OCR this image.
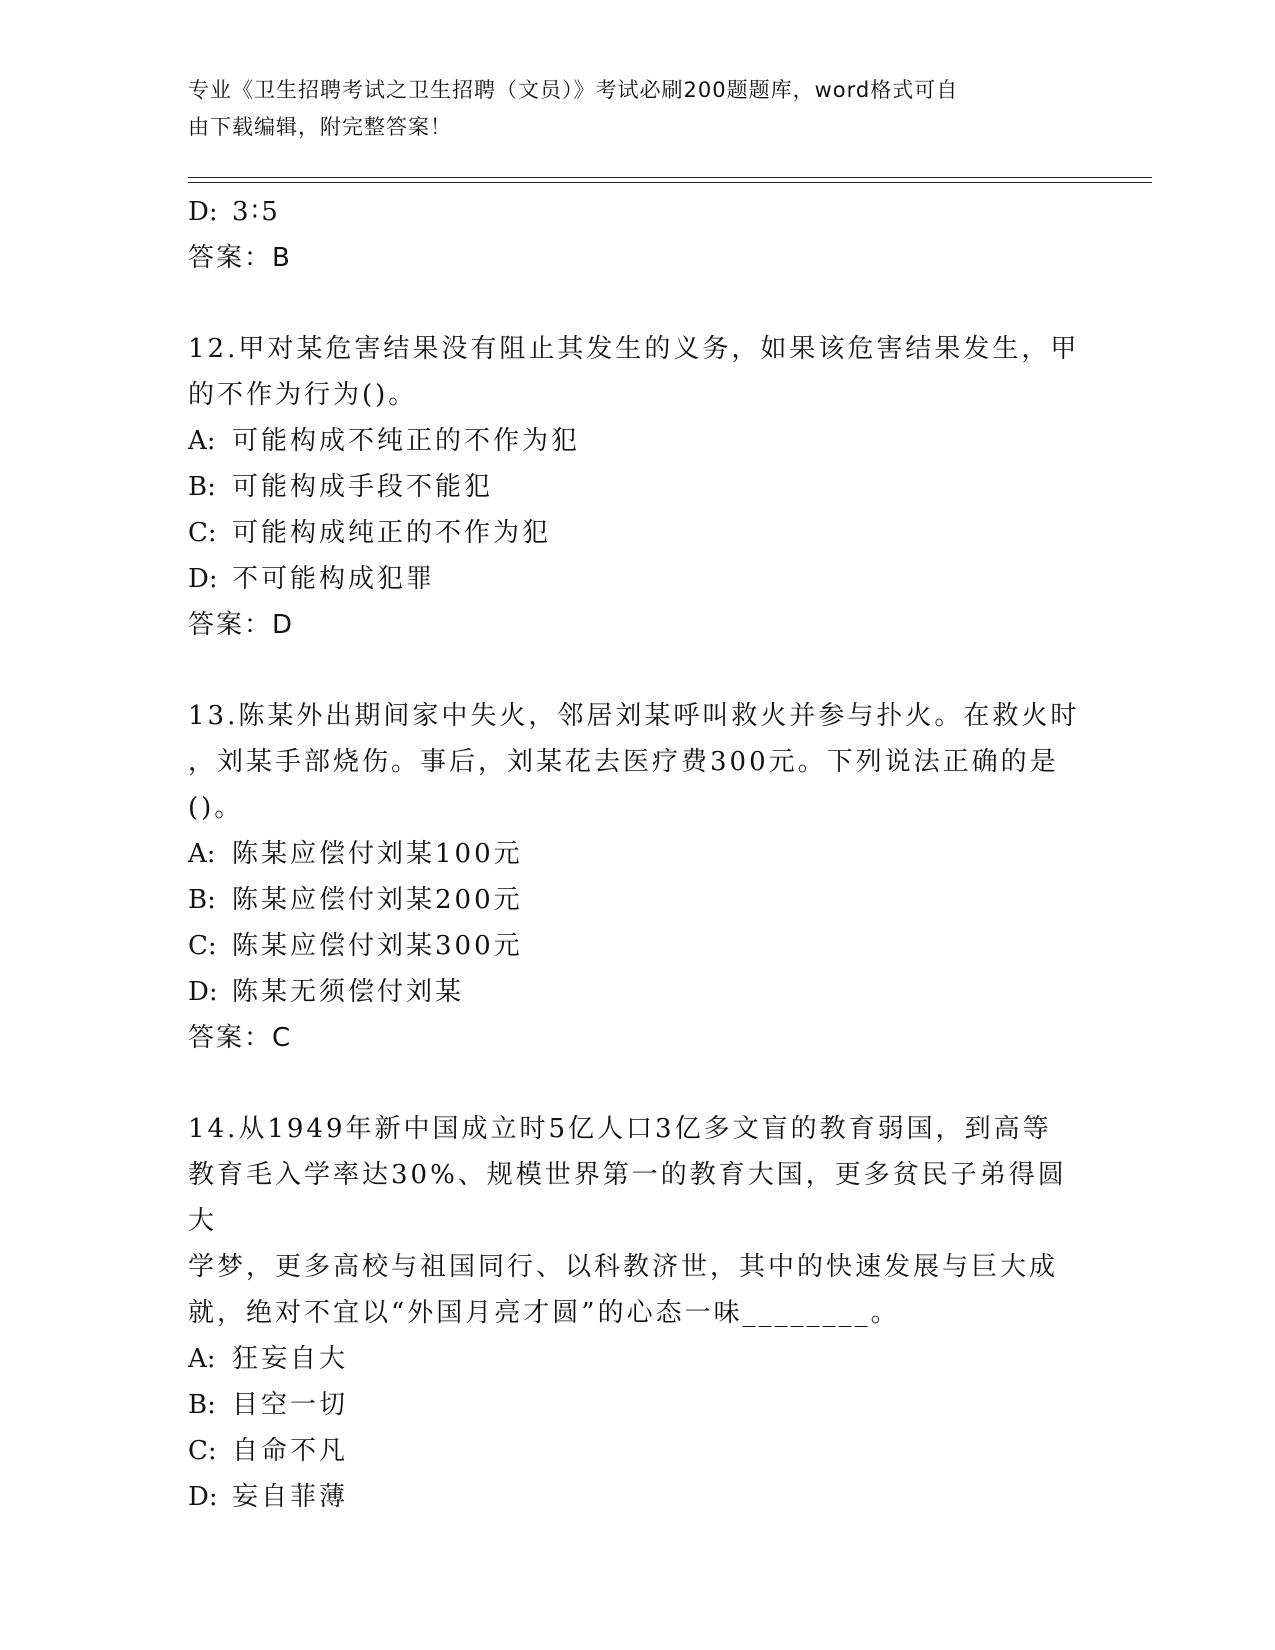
专业《卫生招聘考试之卫生招聘（文员）》考试必刷200题题库，word格式可自
由下载编辑，附完整答案！
D: 3∶5
答案：B
12.甲对某危害结果没有阻止其发生的义务，如果该危害结果发生，甲
的不作为行为()。
A: 可能构成不纯正的不作为犯
B: 可能构成手段不能犯
C: 可能构成纯正的不作为犯
D: 不可能构成犯罪
答案：D
13.陈某外出期间家中失火，邻居刘某呼叫救火并参与扑火。在救火时
，刘某手部烧伤。事后，刘某花去医疗费300元。下列说法正确的是
()。
A: 陈某应偿付刘某100元
B: 陈某应偿付刘某200元
C: 陈某应偿付刘某300元
D: 陈某无须偿付刘某
答案：C
14.从1949年新中国成立时5亿人口3亿多文盲的教育弱国，到高等
教育毛入学率达30%、规模世界第一的教育大国，更多贫民子弟得圆大
学梦，更多高校与祖国同行、以科教济世，其中的快速发展与巨大成
就，绝对不宜以“外国月亮才圆”的心态一味________。
A: 狂妄自大
B: 目空一切
C: 自命不凡
D: 妄自菲薄
